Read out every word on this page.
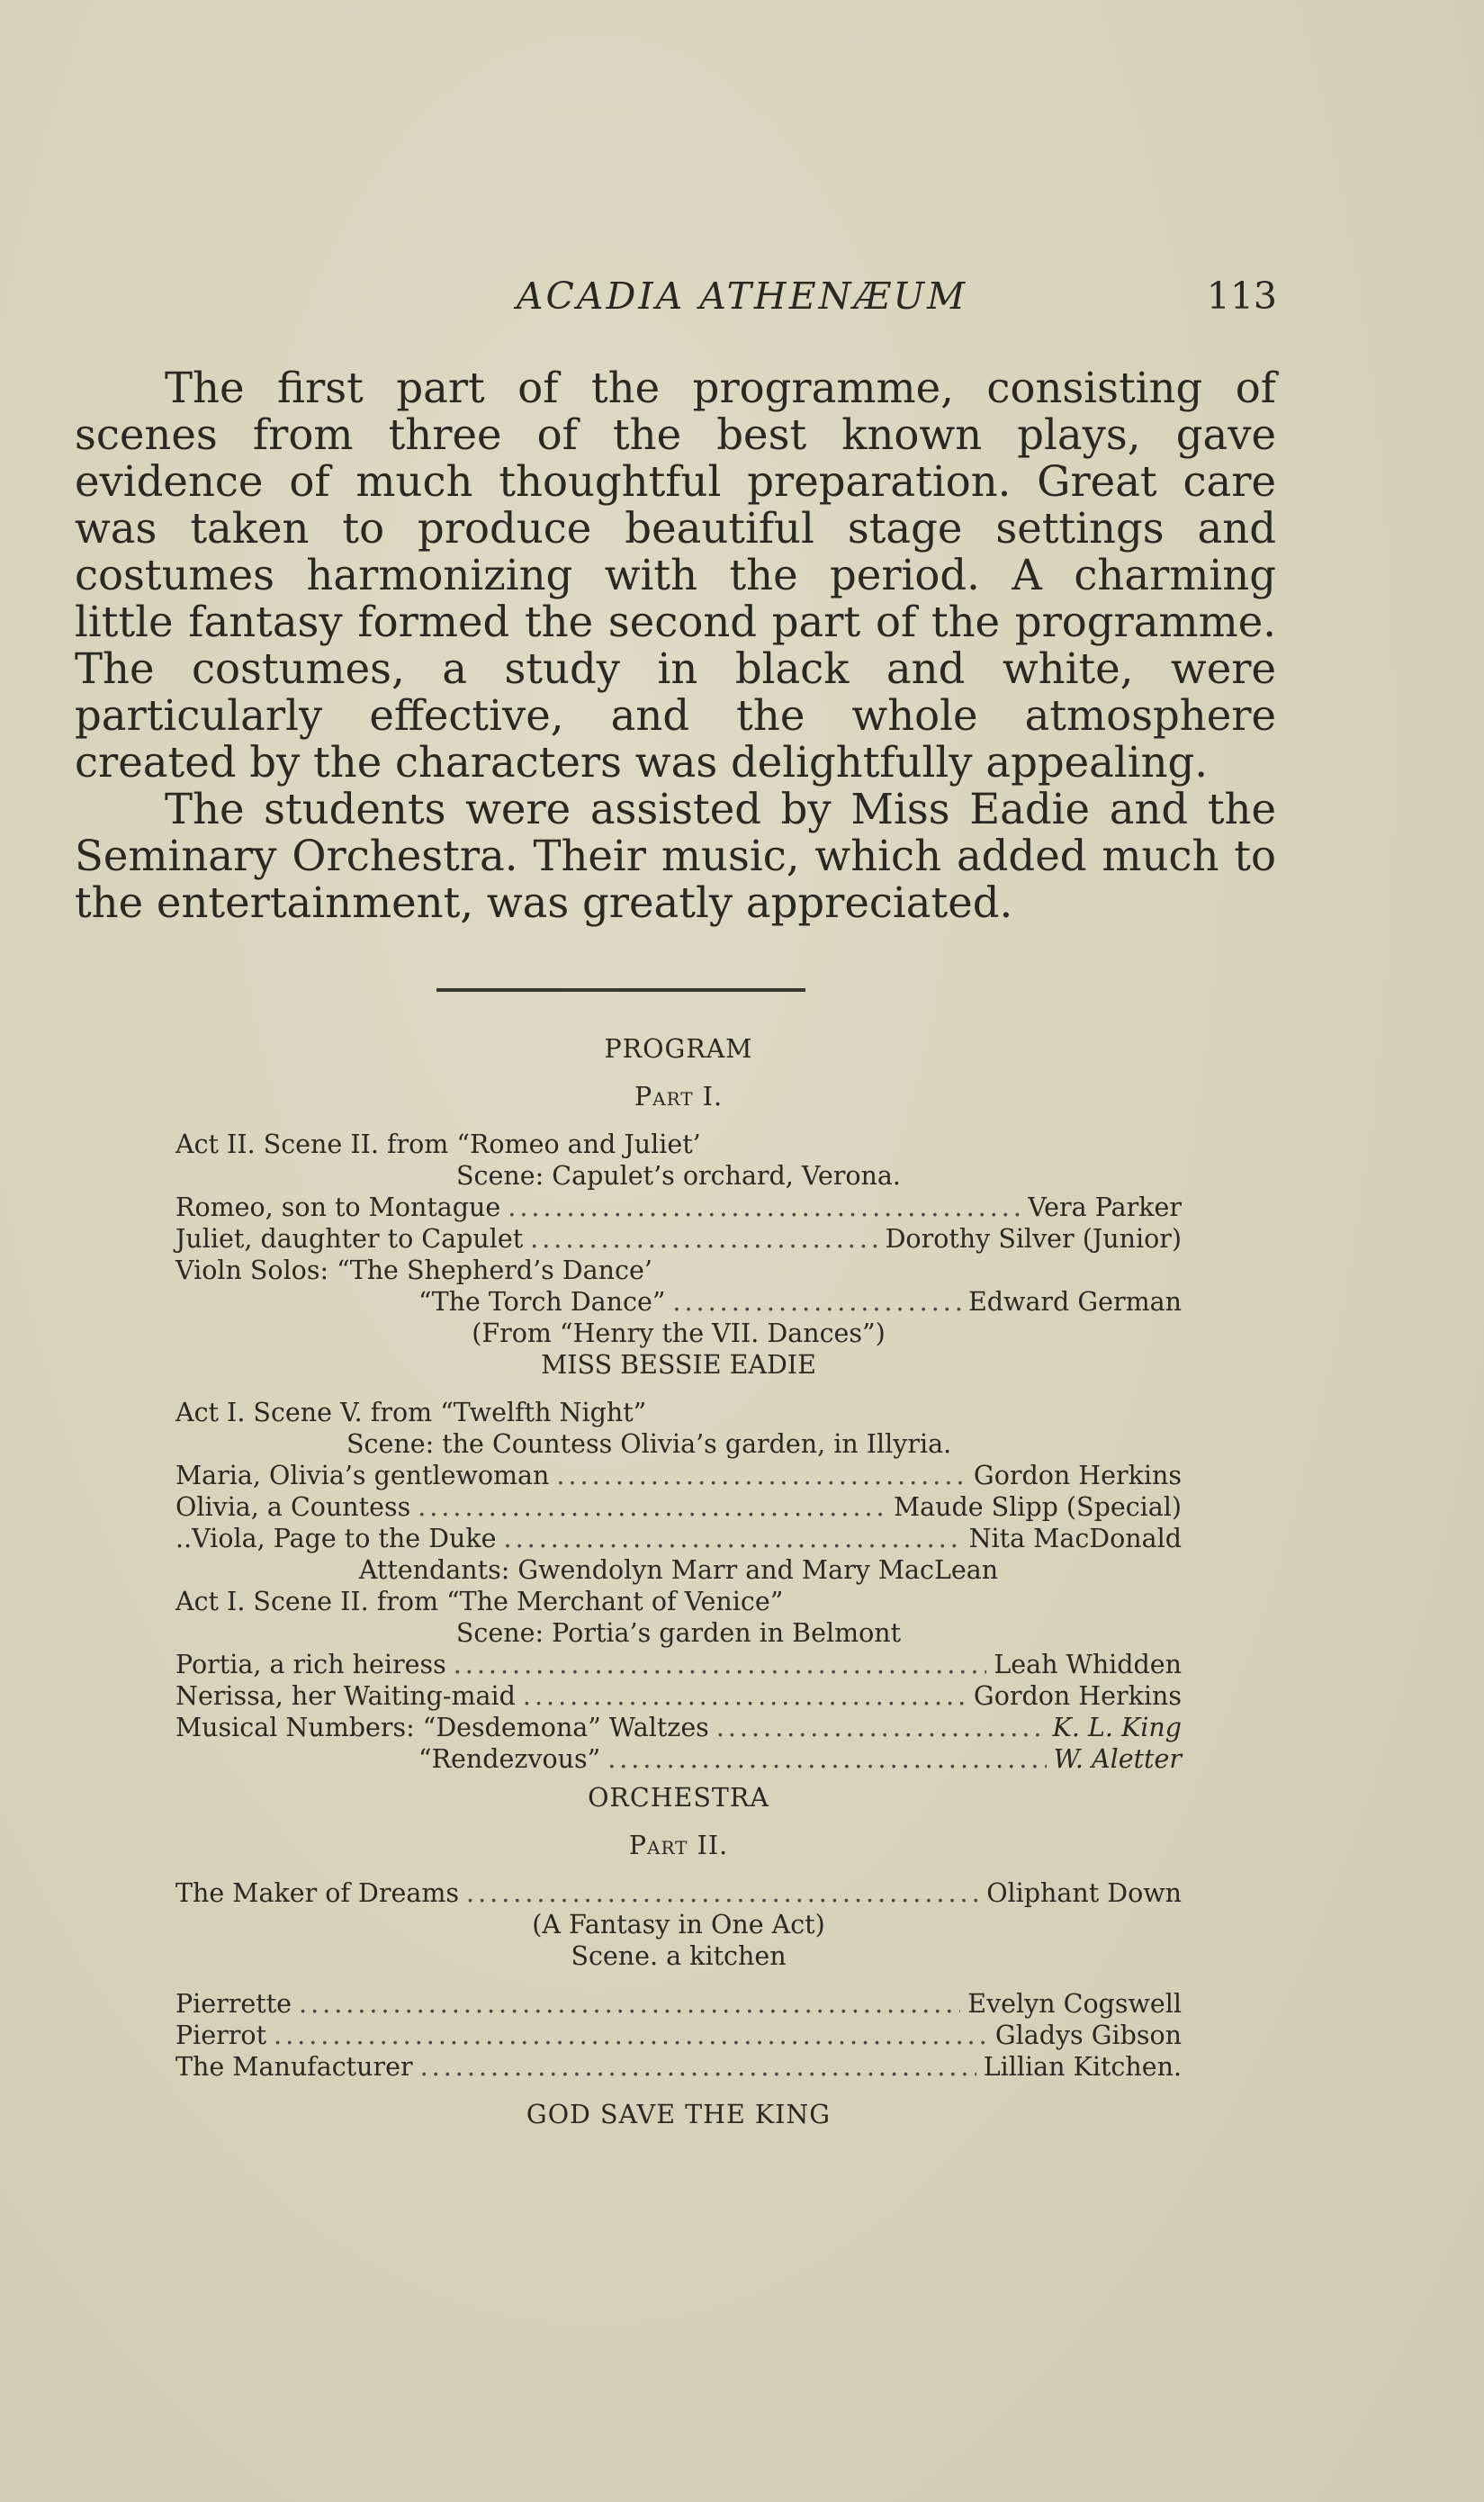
ACADIA ATHENÆUM	113

The first part of the programme, consisting of scenes from three of the best known plays, gave evidence of much thoughtful preparation. Great care was taken to produce beautiful stage settings and costumes harmonizing with the period. A charming little fantasy formed the second part of the programme. The costumes, a study in black and white, were particularly effective, and the whole atmosphere created by the characters was delightfully appealing.

The students were assisted by Miss Eadie and the Seminary Orchestra. Their music, which added much to the entertainment, was greatly appreciated.

PROGRAM
Part I.
Act II. Scene II. from “Romeo and Juliet’
Scene: Capulet’s orchard, Verona.
Romeo, son to Montague .....	Vera Parker
Juliet, daughter to Capulet .....	Dorothy Silver (Junior)
Violn Solos: “The Shepherd’s Dance’
“The Torch Dance” .....	Edward German
(From “Henry the VII. Dances”)
MISS BESSIE EADIE
Act I. Scene V. from “Twelfth Night”
Scene: the Countess Olivia’s garden, in Illyria.
Maria, Olivia’s gentlewoman .....	Gordon Herkins
Olivia, a Countess .....	Maude Slipp (Special)
..Viola, Page to the Duke .....	Nita MacDonald
Attendants: Gwendolyn Marr and Mary MacLean
Act I. Scene II. from “The Merchant of Venice”
Scene: Portia’s garden in Belmont
Portia, a rich heiress .....	Leah Whidden
Nerissa, her Waiting-maid .....	Gordon Herkins
Musical Numbers: “Desdemona” Waltzes .....	K. L. King
“Rendezvous” .....	W. Aletter
ORCHESTRA
Part II.
The Maker of Dreams .....	Oliphant Down
(A Fantasy in One Act)
Scene. a kitchen
Pierrette .....	Evelyn Cogswell
Pierrot .....	Gladys Gibson
The Manufacturer .....	Lillian Kitchen.
GOD SAVE THE KING
